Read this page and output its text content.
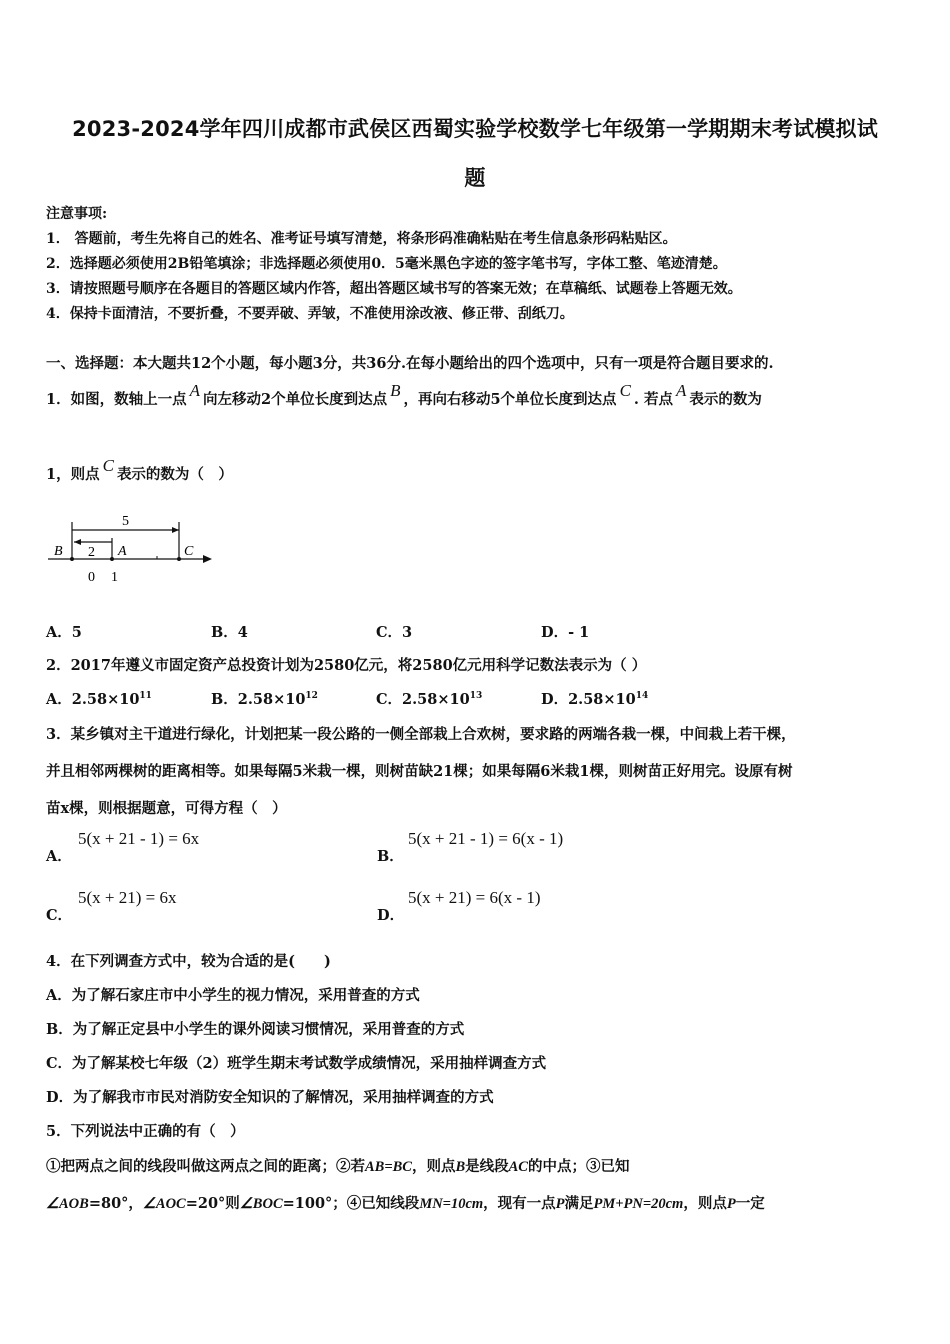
2023-2024学年四川成都市武侯区西蜀实验学校数学七年级第一学期期末考试模拟试
题
注意事项:
1． 答题前，考生先将自己的姓名、准考证号填写清楚，将条形码准确粘贴在考生信息条形码粘贴区。
2．选择题必须使用2B铅笔填涂；非选择题必须使用0．5毫米黑色字迹的签字笔书写，字体工整、笔迹清楚。
3．请按照题号顺序在各题目的答题区域内作答，超出答题区域书写的答案无效；在草稿纸、试题卷上答题无效。
4．保持卡面清洁，不要折叠，不要弄破、弄皱，不准使用涂改液、修正带、刮纸刀。
一、选择题：本大题共12个小题，每小题3分，共36分.在每小题给出的四个选项中，只有一项是符合题目要求的.
1．如图，数轴上一点 A 向左移动2个单位长度到达点 B ，再向右移动5个单位长度到达点 C . 若点 A 表示的数为
1，则点 C 表示的数为（　）
5
2
B	A	C
0 1
A．5	B．4	C．3	D．- 1
2．2017年遵义市固定资产总投资计划为2580亿元，将2580亿元用科学记数法表示为（ ）
A．$2.58\times 10^{11}$	B．$2.58\times 10^{12}$	C．$2.58\times 10^{13}$	D．$2.58\times 10^{14}$
3．某乡镇对主干道进行绿化，计划把某一段公路的一侧全部栽上合欢树，要求路的两端各栽一棵，中间栽上若干棵，
并且相邻两棵树的距离相等。如果每隔5米栽一棵，则树苗缺21棵；如果每隔6米栽1棵，则树苗正好用完。设原有树
苗x棵，则根据题意，可得方程（　）
A．
5(x + 21 - 1) = 6x
B．
5(x + 21 - 1) = 6(x - 1)
C．
5(x + 21) = 6x
D．
5(x + 21) = 6(x - 1)
4．在下列调查方式中，较为合适的是(　　)
A．为了解石家庄市中小学生的视力情况，采用普查的方式
B．为了解正定县中小学生的课外阅读习惯情况，采用普查的方式
C．为了解某校七年级（2）班学生期末考试数学成绩情况，采用抽样调查方式
D．为了解我市市民对消防安全知识的了解情况，采用抽样调查的方式
5．下列说法中正确的有（　）
①把两点之间的线段叫做这两点之间的距离；②若AB=BC，则点B是线段AC的中点；③已知
∠AOB=80°，∠AOC=20°则∠BOC=100°；④已知线段MN=10cm，现有一点P满足PM+PN=20cm，则点P一定
